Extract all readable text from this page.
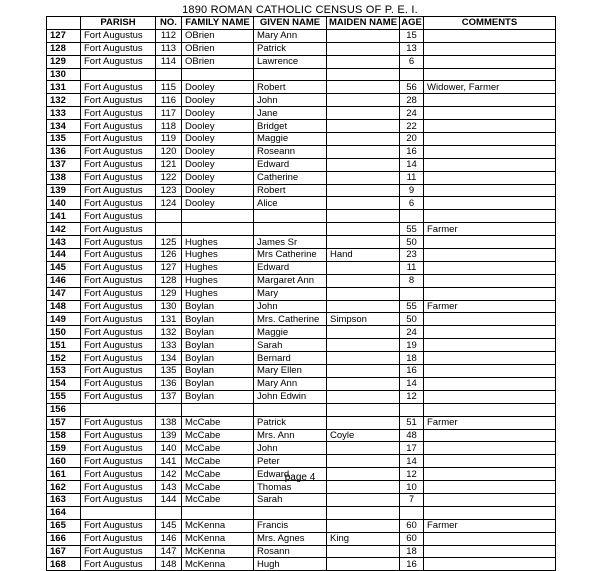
1890 ROMAN CATHOLIC CENSUS OF P. E. I.
	PARISH	NO.	FAMILY NAME	GIVEN NAME	MAIDEN NAME	AGE	COMMENTS
127	Fort Augustus	112	OBrien	Mary Ann		15	
128	Fort Augustus	113	OBrien	Patrick		13	
129	Fort Augustus	114	OBrien	Lawrence		6	
130							
131	Fort Augustus	115	Dooley	Robert		56	Widower, Farmer
132	Fort Augustus	116	Dooley	John		28	
133	Fort Augustus	117	Dooley	Jane		24	
134	Fort Augustus	118	Dooley	Bridget		22	
135	Fort Augustus	119	Dooley	Maggie		20	
136	Fort Augustus	120	Dooley	Roseann		16	
137	Fort Augustus	121	Dooley	Edward		14	
138	Fort Augustus	122	Dooley	Catherine		11	
139	Fort Augustus	123	Dooley	Robert		9	
140	Fort Augustus	124	Dooley	Alice		6	
141	Fort Augustus						
142	Fort Augustus					55	Farmer
143	Fort Augustus	125	Hughes	James Sr		50	
144	Fort Augustus	126	Hughes	Mrs Catherine	Hand	23	
145	Fort Augustus	127	Hughes	Edward		11	
146	Fort Augustus	128	Hughes	Margaret Ann		8	
147	Fort Augustus	129	Hughes	Mary			
148	Fort Augustus	130	Boylan	John		55	Farmer
149	Fort Augustus	131	Boylan	Mrs. Catherine	Simpson	50	
150	Fort Augustus	132	Boylan	Maggie		24	
151	Fort Augustus	133	Boylan	Sarah		19	
152	Fort Augustus	134	Boylan	Bernard		18	
153	Fort Augustus	135	Boylan	Mary Ellen		16	
154	Fort Augustus	136	Boylan	Mary Ann		14	
155	Fort Augustus	137	Boylan	John Edwin		12	
156							
157	Fort Augustus	138	McCabe	Patrick		51	Farmer
158	Fort Augustus	139	McCabe	Mrs. Ann	Coyle	48	
159	Fort Augustus	140	McCabe	John		17	
160	Fort Augustus	141	McCabe	Peter		14	
161	Fort Augustus	142	McCabe	Edward		12	
162	Fort Augustus	143	McCabe	Thomas		10	
163	Fort Augustus	144	McCabe	Sarah		7	
164							
165	Fort Augustus	145	McKenna	Francis		60	Farmer
166	Fort Augustus	146	McKenna	Mrs. Agnes	King	60	
167	Fort Augustus	147	McKenna	Rosann		18	
168	Fort Augustus	148	McKenna	Hugh		16	
page 4
